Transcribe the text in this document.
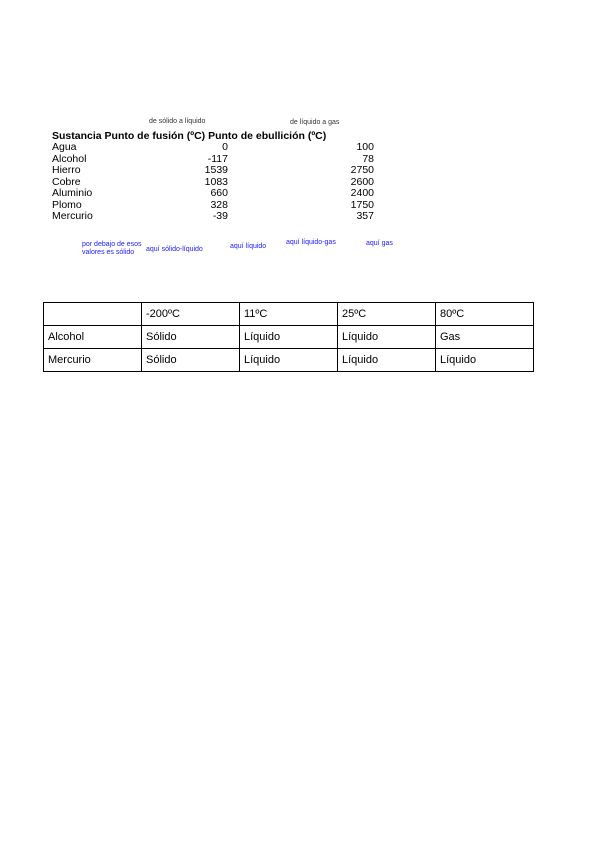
de sólido a líquido	de líquido a gas
Sustancia Punto de fusión (ºC) Punto de ebullición (ºC)
Agua	0	100
Alcohol	-117	78
Hierro	1539	2750
Cobre	1083	2600
Aluminio	660	2400
Plomo	328	1750
Mercurio	-39	357
por debajo de esos
valores es sólido	aquí sólido-líquido	aquí líquido
aquí líquido-gas	aquí gas
	-200ºC	11ºC	25ºC	80ºC
Alcohol	Sólido	Líquido	Líquido	Gas
Mercurio	Sólido	Líquido	Líquido	Líquido
